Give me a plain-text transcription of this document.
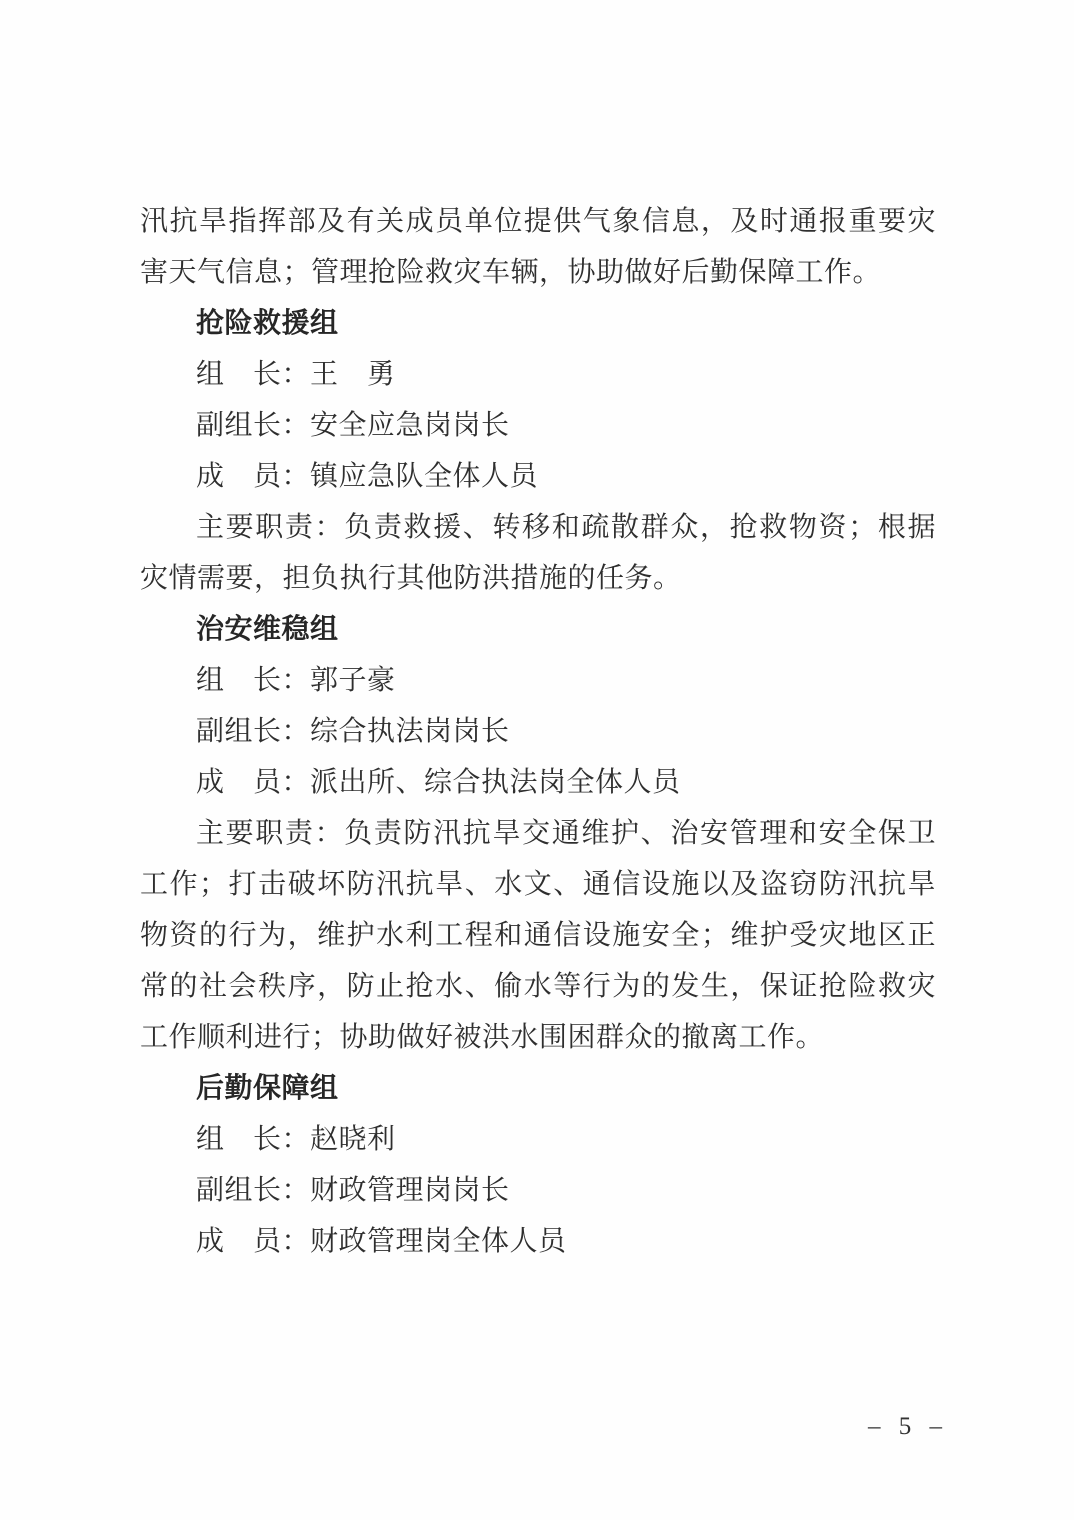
汛抗旱指挥部及有关成员单位提供气象信息，及时通报重要灾害天气信息；管理抢险救灾车辆，协助做好后勤保障工作。

抢险救援组

组　长：王　勇

副组长：安全应急岗岗长

成　员：镇应急队全体人员

主要职责：负责救援、转移和疏散群众，抢救物资；根据灾情需要，担负执行其他防洪措施的任务。

治安维稳组

组　长：郭子豪

副组长：综合执法岗岗长

成　员：派出所、综合执法岗全体人员

主要职责：负责防汛抗旱交通维护、治安管理和安全保卫工作；打击破坏防汛抗旱、水文、通信设施以及盗窃防汛抗旱物资的行为，维护水利工程和通信设施安全；维护受灾地区正常的社会秩序，防止抢水、偷水等行为的发生，保证抢险救灾工作顺利进行；协助做好被洪水围困群众的撤离工作。

后勤保障组

组　长：赵晓利

副组长：财政管理岗岗长

成　员：财政管理岗全体人员

– 5 –
